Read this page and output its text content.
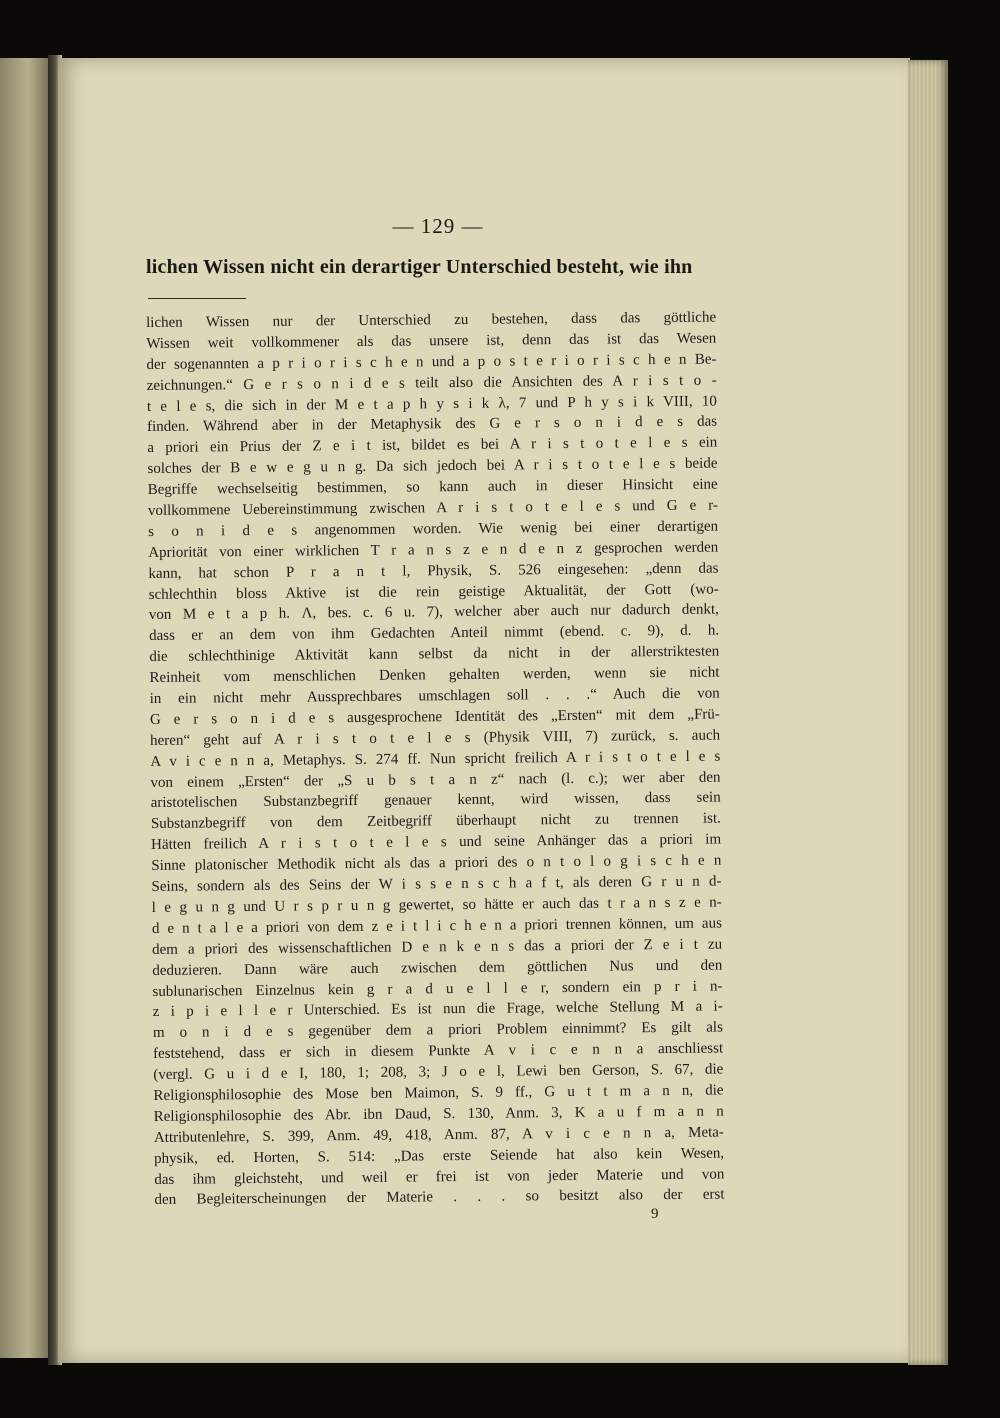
— 129 —
lichen Wissen nicht ein derartiger Unterschied besteht, wie ihn
lichen Wissen nur der Unterschied zu bestehen, dass das göttliche
Wissen weit vollkommener als das unsere ist, denn das ist das Wesen
der sogenannten a p r i o r i s c h e n und a p o s t e r i o r i s c h e n Be-
zeichnungen.“ G e r s o n i d e s teilt also die Ansichten des A r i s t o -
t e l e s, die sich in der M e t a p h y s i k λ, 7 und P h y s i k VIII, 10
finden. Während aber in der Metaphysik des G e r s o n i d e s das
a priori ein Prius der Z e i t ist, bildet es bei A r i s t o t e l e s ein
solches der B e w e g u n g. Da sich jedoch bei A r i s t o t e l e s beide
Begriffe wechselseitig bestimmen, so kann auch in dieser Hinsicht eine
vollkommene Uebereinstimmung zwischen A r i s t o t e l e s und G e r-
s o n i d e s angenommen worden. Wie wenig bei einer derartigen
Apriorität von einer wirklichen T r a n s z e n d e n z gesprochen werden
kann, hat schon P r a n t l, Physik, S. 526 eingesehen: „denn das
schlechthin bloss Aktive ist die rein geistige Aktualität, der Gott (wo-
von M e t a p h. Λ, bes. c. 6 u. 7), welcher aber auch nur dadurch denkt,
dass er an dem von ihm Gedachten Anteil nimmt (ebend. c. 9), d. h.
die schlechthinige Aktivität kann selbst da nicht in der allerstriktesten
Reinheit vom menschlichen Denken gehalten werden, wenn sie nicht
in ein nicht mehr Aussprechbares umschlagen soll . . .“ Auch die von
G e r s o n i d e s ausgesprochene Identität des „Ersten“ mit dem „Frü-
heren“ geht auf A r i s t o t e l e s (Physik VIII, 7) zurück, s. auch
A v i c e n n a, Metaphys. S. 274 ff. Nun spricht freilich A r i s t o t e l e s
von einem „Ersten“ der „S u b s t a n z“ nach (l. c.); wer aber den
aristotelischen Substanzbegriff genauer kennt, wird wissen, dass sein
Substanzbegriff von dem Zeitbegriff überhaupt nicht zu trennen ist.
Hätten freilich A r i s t o t e l e s und seine Anhänger das a priori im
Sinne platonischer Methodik nicht als das a priori des o n t o l o g i s c h e n
Seins, sondern als des Seins der W i s s e n s c h a f t, als deren G r u n d-
l e g u n g und U r s p r u n g gewertet, so hätte er auch das t r a n s z e n-
d e n t a l e a priori von dem z e i t l i c h e n a priori trennen können, um aus
dem a priori des wissenschaftlichen D e n k e n s das a priori der Z e i t zu
deduzieren. Dann wäre auch zwischen dem göttlichen Nus und den
sublunarischen Einzelnus kein g r a d u e l l e r, sondern ein p r i n-
z i p i e l l e r Unterschied. Es ist nun die Frage, welche Stellung M a i-
m o n i d e s gegenüber dem a priori Problem einnimmt? Es gilt als
feststehend, dass er sich in diesem Punkte A v i c e n n a anschliesst
(vergl. G u i d e I, 180, 1; 208, 3; J o e l, Lewi ben Gerson, S. 67, die
Religionsphilosophie des Mose ben Maimon, S. 9 ff., G u t t m a n n, die
Religionsphilosophie des Abr. ibn Daud, S. 130, Anm. 3, K a u f m a n n
Attributenlehre, S. 399, Anm. 49, 418, Anm. 87, A v i c e n n a, Meta-
physik, ed. Horten, S. 514: „Das erste Seiende hat also kein Wesen,
das ihm gleichsteht, und weil er frei ist von jeder Materie und von
den Begleiterscheinungen der Materie . . . so besitzt also der erst
9
